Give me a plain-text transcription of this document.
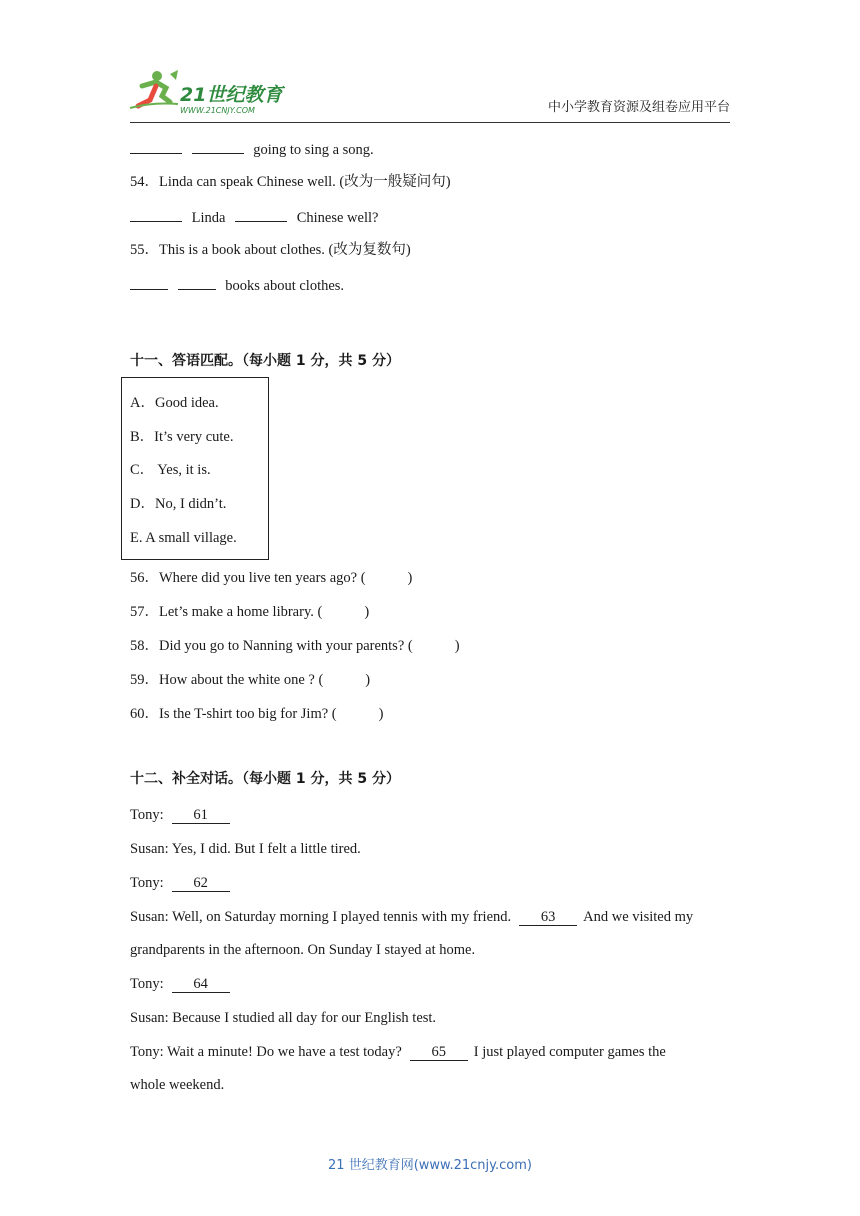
21世纪教育
WWW.21CNJY.COM	中小学教育资源及组卷应用平台
going to sing a song.
54．Linda can speak Chinese well. (改为一般疑问句)
Linda	Chinese well?
55．This is a book about clothes. (改为复数句)
books about clothes.
十一、答语匹配。（每小题 1 分，共 5 分）
A．Good idea.
B．It’s very cute.
C． Yes, it is.
D．No, I didn’t.
E. A small village.
56．Where did you live ten years ago? (	)
57．Let’s make a home library. (	)
58．Did you go to Nanning with your parents? (	)
59．How about the white one ? (	)
60．Is the T-shirt too big for Jim? (	)
十二、补全对话。（每小题 1 分，共 5 分）
Tony: 61
Susan: Yes, I did. But I felt a little tired.
Tony: 62
Susan: Well, on Saturday morning I played tennis with my friend. 63 And we visited my
grandparents in the afternoon. On Sunday I stayed at home.
Tony: 64
Susan: Because I studied all day for our English test.
Tony: Wait a minute! Do we have a test today? 65 I just played computer games the
whole weekend.
21 世纪教育网(www.21cnjy.com)
